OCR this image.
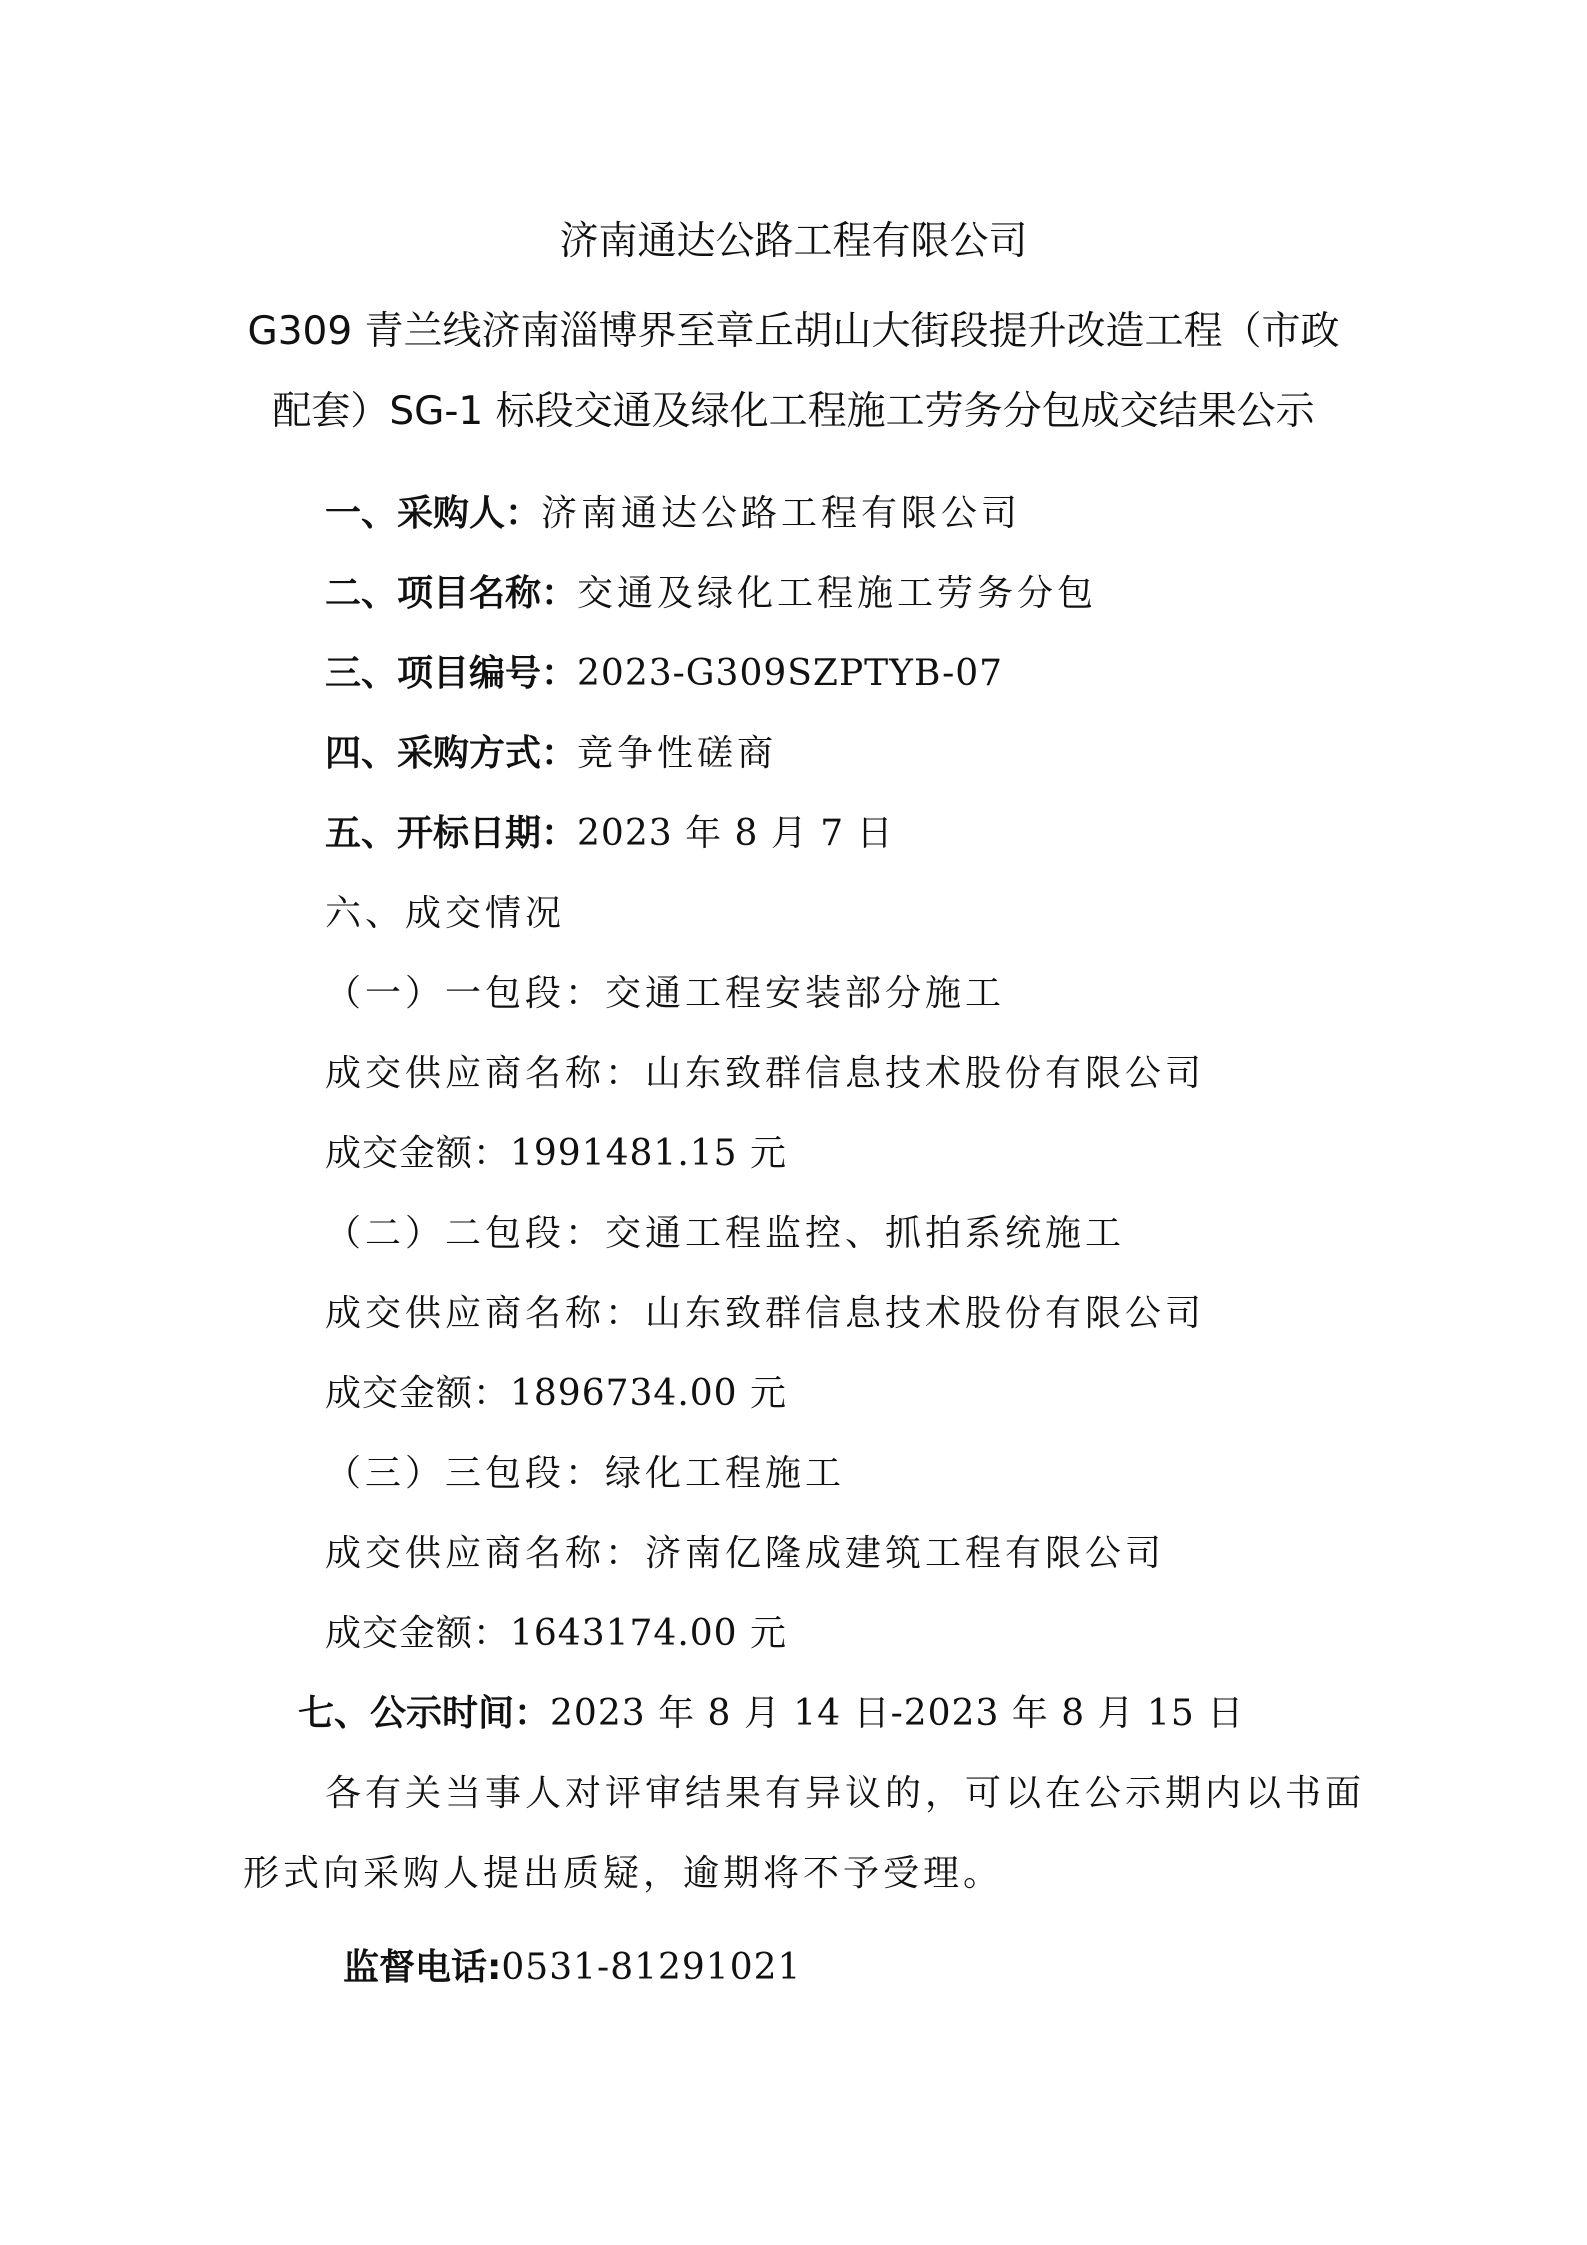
济南通达公路工程有限公司
G309 青兰线济南淄博界至章丘胡山大街段提升改造工程（市政
配套）SG-1 标段交通及绿化工程施工劳务分包成交结果公示
一、采购人：济南通达公路工程有限公司
二、项目名称：交通及绿化工程施工劳务分包
三、项目编号：2023-G309SZPTYB-07
四、采购方式：竞争性磋商
五、开标日期：2023 年 8 月 7 日
六、成交情况
（一）一包段：交通工程安装部分施工
成交供应商名称：山东致群信息技术股份有限公司
成交金额：1991481.15 元
（二）二包段：交通工程监控、抓拍系统施工
成交供应商名称：山东致群信息技术股份有限公司
成交金额：1896734.00 元
（三）三包段：绿化工程施工
成交供应商名称：济南亿隆成建筑工程有限公司
成交金额：1643174.00 元
七、公示时间：2023 年 8 月 14 日-2023 年 8 月 15 日
各有关当事人对评审结果有异议的，可以在公示期内以书面
形式向采购人提出质疑，逾期将不予受理。
监督电话:0531-81291021
